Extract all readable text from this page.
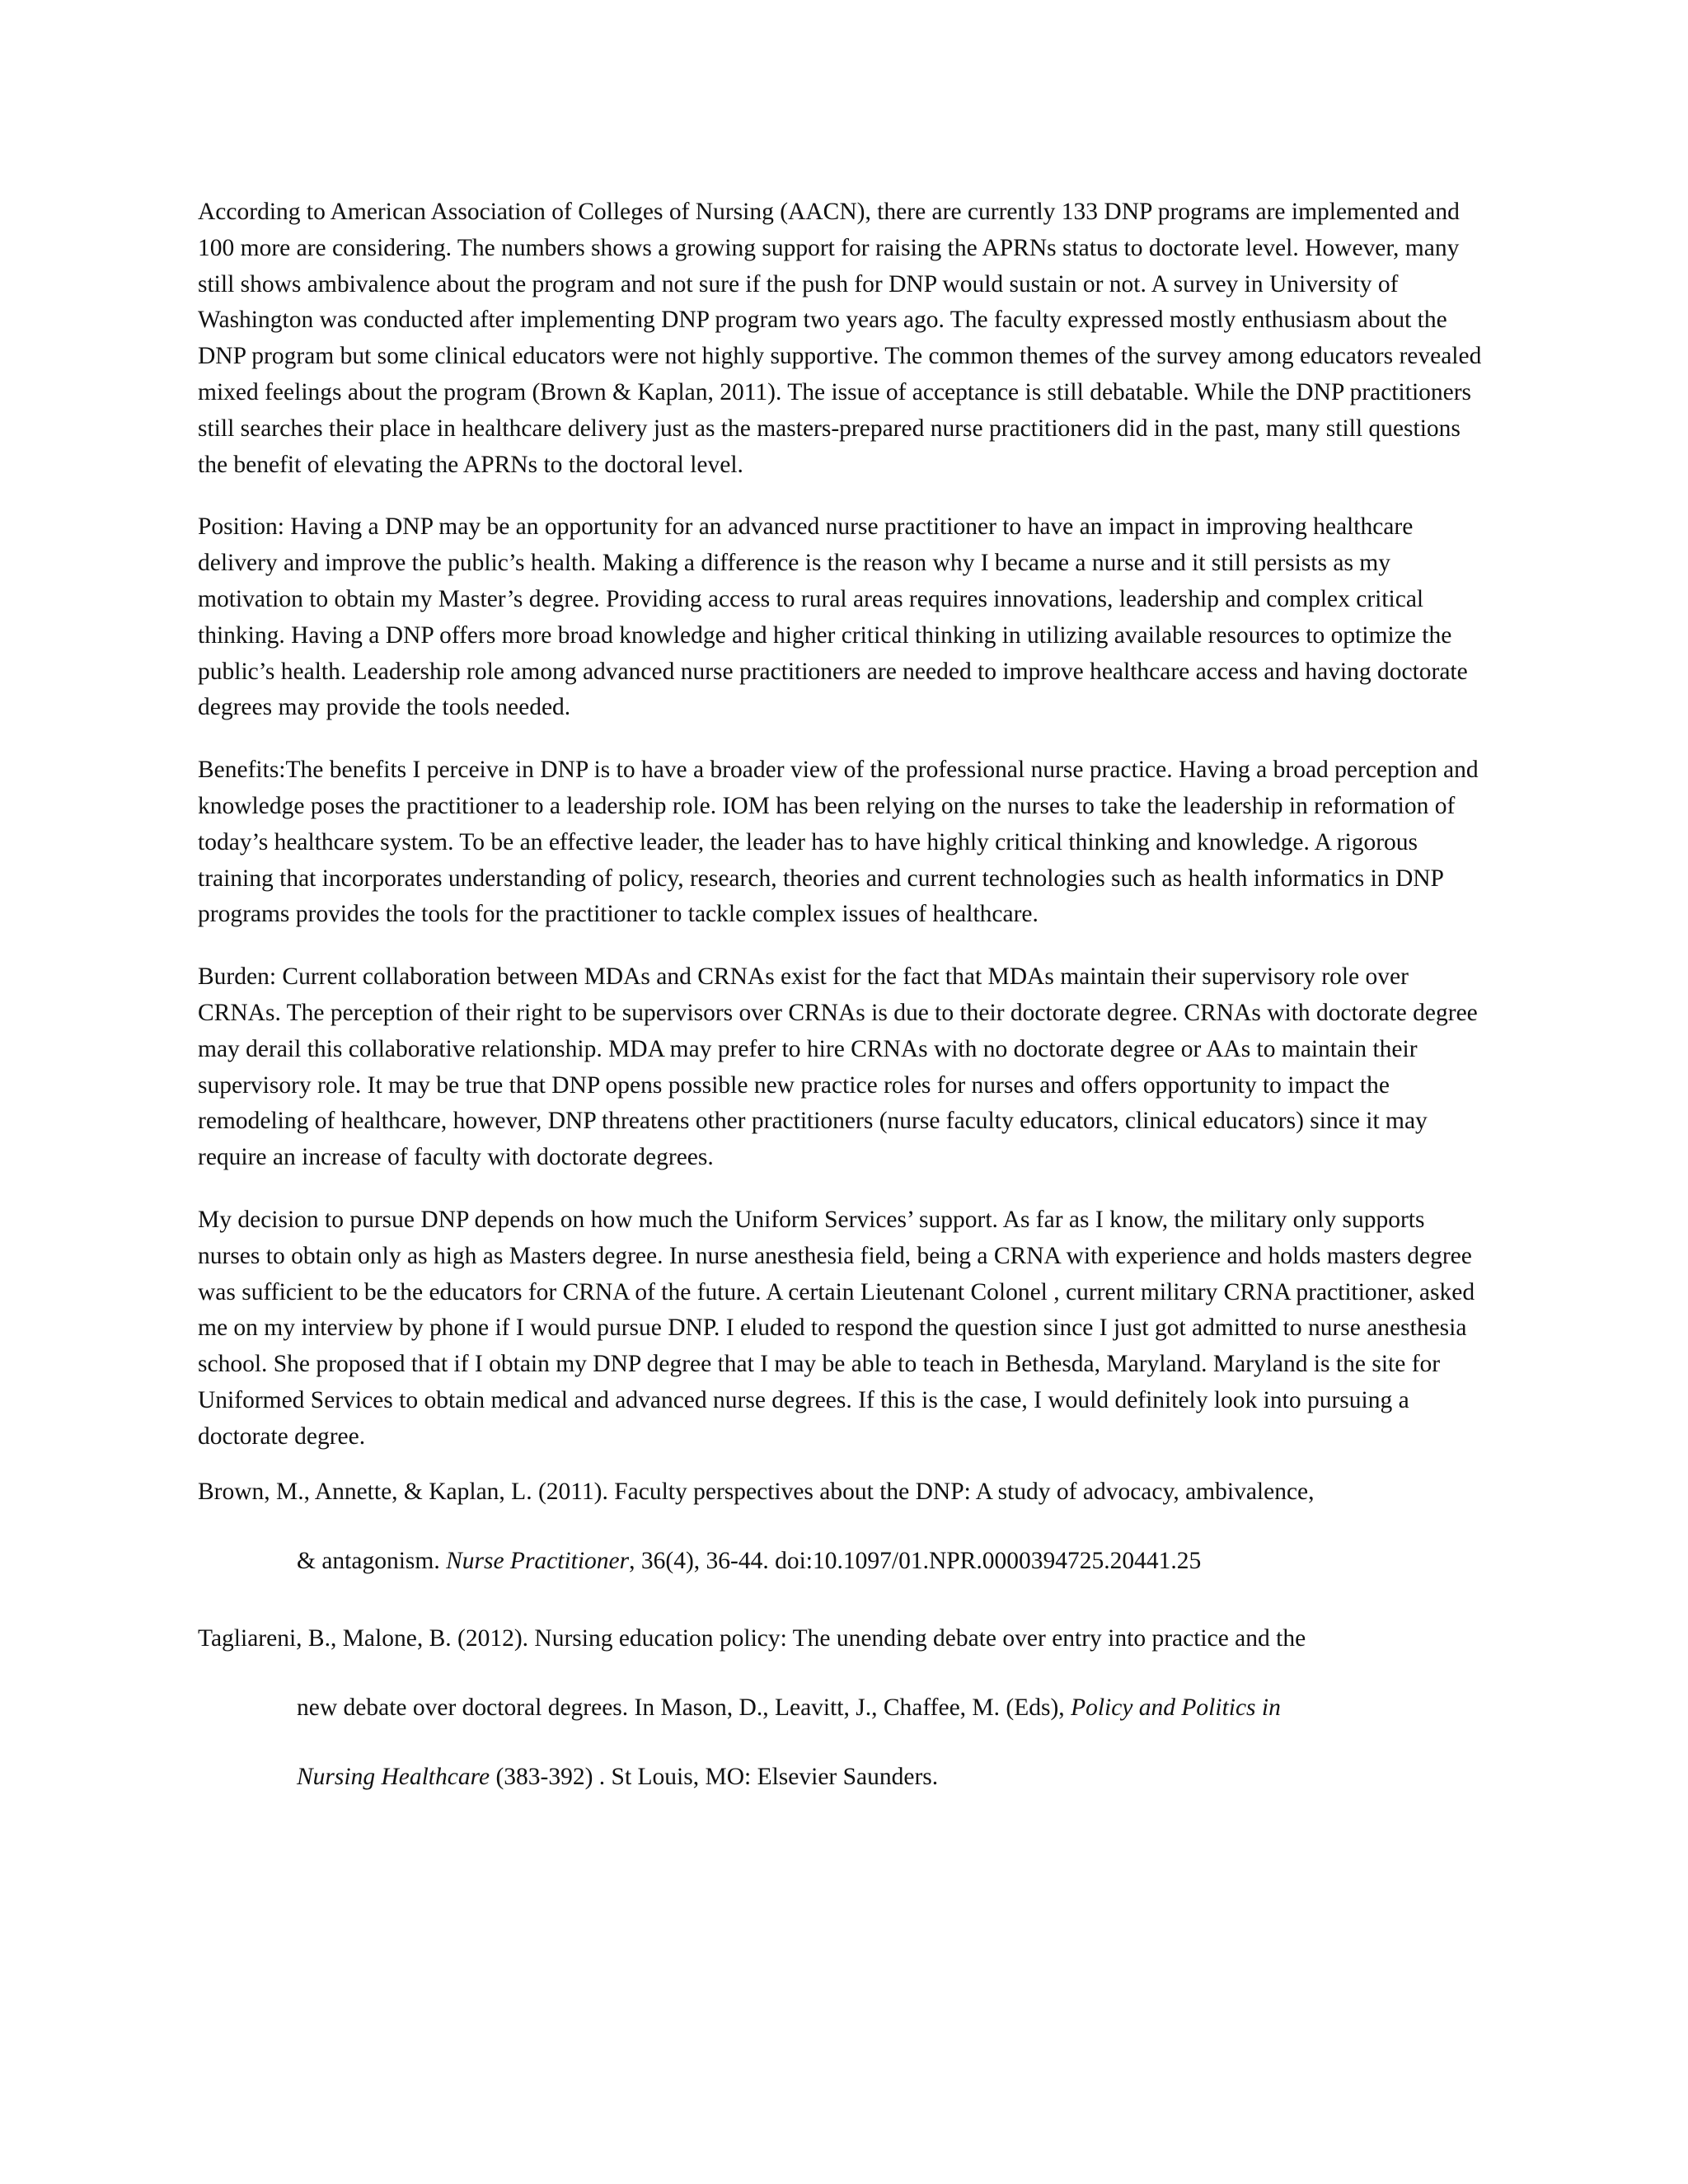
According to American Association of Colleges of Nursing (AACN), there are currently 133 DNP programs are implemented and 100 more are considering. The numbers shows a growing support for raising the APRNs status to doctorate level. However, many still shows ambivalence about the program and not sure if the push for DNP would sustain or not. A survey in University of Washington was conducted after implementing DNP program two years ago. The faculty expressed mostly enthusiasm about the DNP program but some clinical educators were not highly supportive. The common themes of the survey among educators revealed mixed feelings about the program (Brown & Kaplan, 2011). The issue of acceptance is still debatable. While the DNP practitioners still searches their place in healthcare delivery just as the masters-prepared nurse practitioners did in the past, many still questions the benefit of elevating the APRNs to the doctoral level.

Position: Having a DNP may be an opportunity for an advanced nurse practitioner to have an impact in improving healthcare delivery and improve the public’s health. Making a difference is the reason why I became a nurse and it still persists as my motivation to obtain my Master’s degree. Providing access to rural areas requires innovations, leadership and complex critical thinking. Having a DNP offers more broad knowledge and higher critical thinking in utilizing available resources to optimize the public’s health. Leadership role among advanced nurse practitioners are needed to improve healthcare access and having doctorate degrees may provide the tools needed.

Benefits:The benefits I perceive in DNP is to have a broader view of the professional nurse practice. Having a broad perception and knowledge poses the practitioner to a leadership role. IOM has been relying on the nurses to take the leadership in reformation of today’s healthcare system. To be an effective leader, the leader has to have highly critical thinking and knowledge. A rigorous training that incorporates understanding of policy, research, theories and current technologies such as health informatics in DNP programs provides the tools for the practitioner to tackle complex issues of healthcare.

Burden: Current collaboration between MDAs and CRNAs exist for the fact that MDAs maintain their supervisory role over CRNAs. The perception of their right to be supervisors over CRNAs is due to their doctorate degree. CRNAs with doctorate degree may derail this collaborative relationship. MDA may prefer to hire CRNAs with no doctorate degree or AAs to maintain their supervisory role. It may be true that DNP opens possible new practice roles for nurses and offers opportunity to impact the remodeling of healthcare, however, DNP threatens other practitioners (nurse faculty educators, clinical educators) since it may require an increase of faculty with doctorate degrees.

My decision to pursue DNP depends on how much the Uniform Services’ support. As far as I know, the military only supports nurses to obtain only as high as Masters degree. In nurse anesthesia field, being a CRNA with experience and holds masters degree was sufficient to be the educators for CRNA of the future. A certain Lieutenant Colonel , current military CRNA practitioner, asked me on my interview by phone if I would pursue DNP. I eluded to respond the question since I just got admitted to nurse anesthesia school. She proposed that if I obtain my DNP degree that I may be able to teach in Bethesda, Maryland. Maryland is the site for Uniformed Services to obtain medical and advanced nurse degrees. If this is the case, I would definitely look into pursuing a doctorate degree.

Brown, M., Annette, & Kaplan, L. (2011). Faculty perspectives about the DNP: A study of advocacy, ambivalence,

& antagonism. Nurse Practitioner, 36(4), 36-44. doi:10.1097/01.NPR.0000394725.20441.25

Tagliareni, B., Malone, B. (2012). Nursing education policy: The unending debate over entry into practice and the

new debate over doctoral degrees. In Mason, D., Leavitt, J., Chaffee, M. (Eds), Policy and Politics in

Nursing Healthcare (383-392) . St Louis, MO: Elsevier Saunders.
